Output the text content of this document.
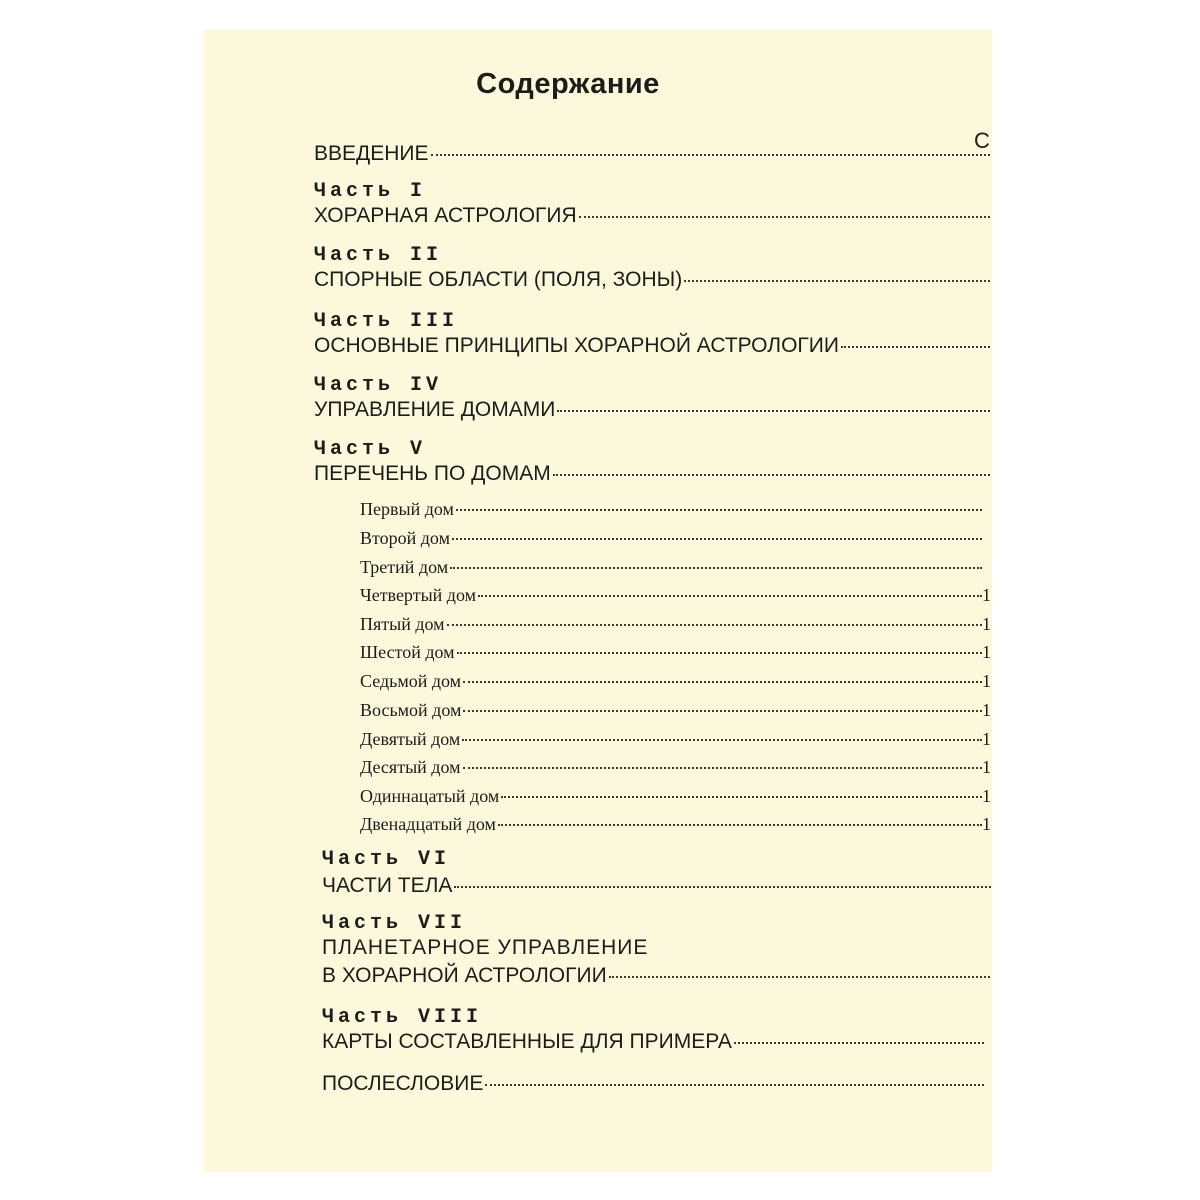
Содержание
С
ВВЕДЕНИЕ
Часть I
ХОРАРНАЯ АСТРОЛОГИЯ
Часть II
СПОРНЫЕ ОБЛАСТИ (ПОЛЯ, ЗОНЫ)
Часть III
ОСНОВНЫЕ ПРИНЦИПЫ ХОРАРНОЙ АСТРОЛОГИИ
Часть IV
УПРАВЛЕНИЕ ДОМАМИ
Часть V
ПЕРЕЧЕНЬ ПО ДОМАМ
Первый дом
Второй дом
Третий дом
Четвертый дом	1
Пятый дом	1
Шестой дом	1
Седьмой дом	1
Восьмой дом	1
Девятый дом	1
Десятый дом	1
Одиннацатый дом	1
Двенадцатый дом	1
Часть VI
ЧАСТИ ТЕЛА
Часть VII
ПЛАНЕТАРНОЕ УПРАВЛЕНИЕ
В ХОРАРНОЙ АСТРОЛОГИИ
Часть VIII
КАРТЫ СОСТАВЛЕННЫЕ ДЛЯ ПРИМЕРА
ПОСЛЕСЛОВИЕ
